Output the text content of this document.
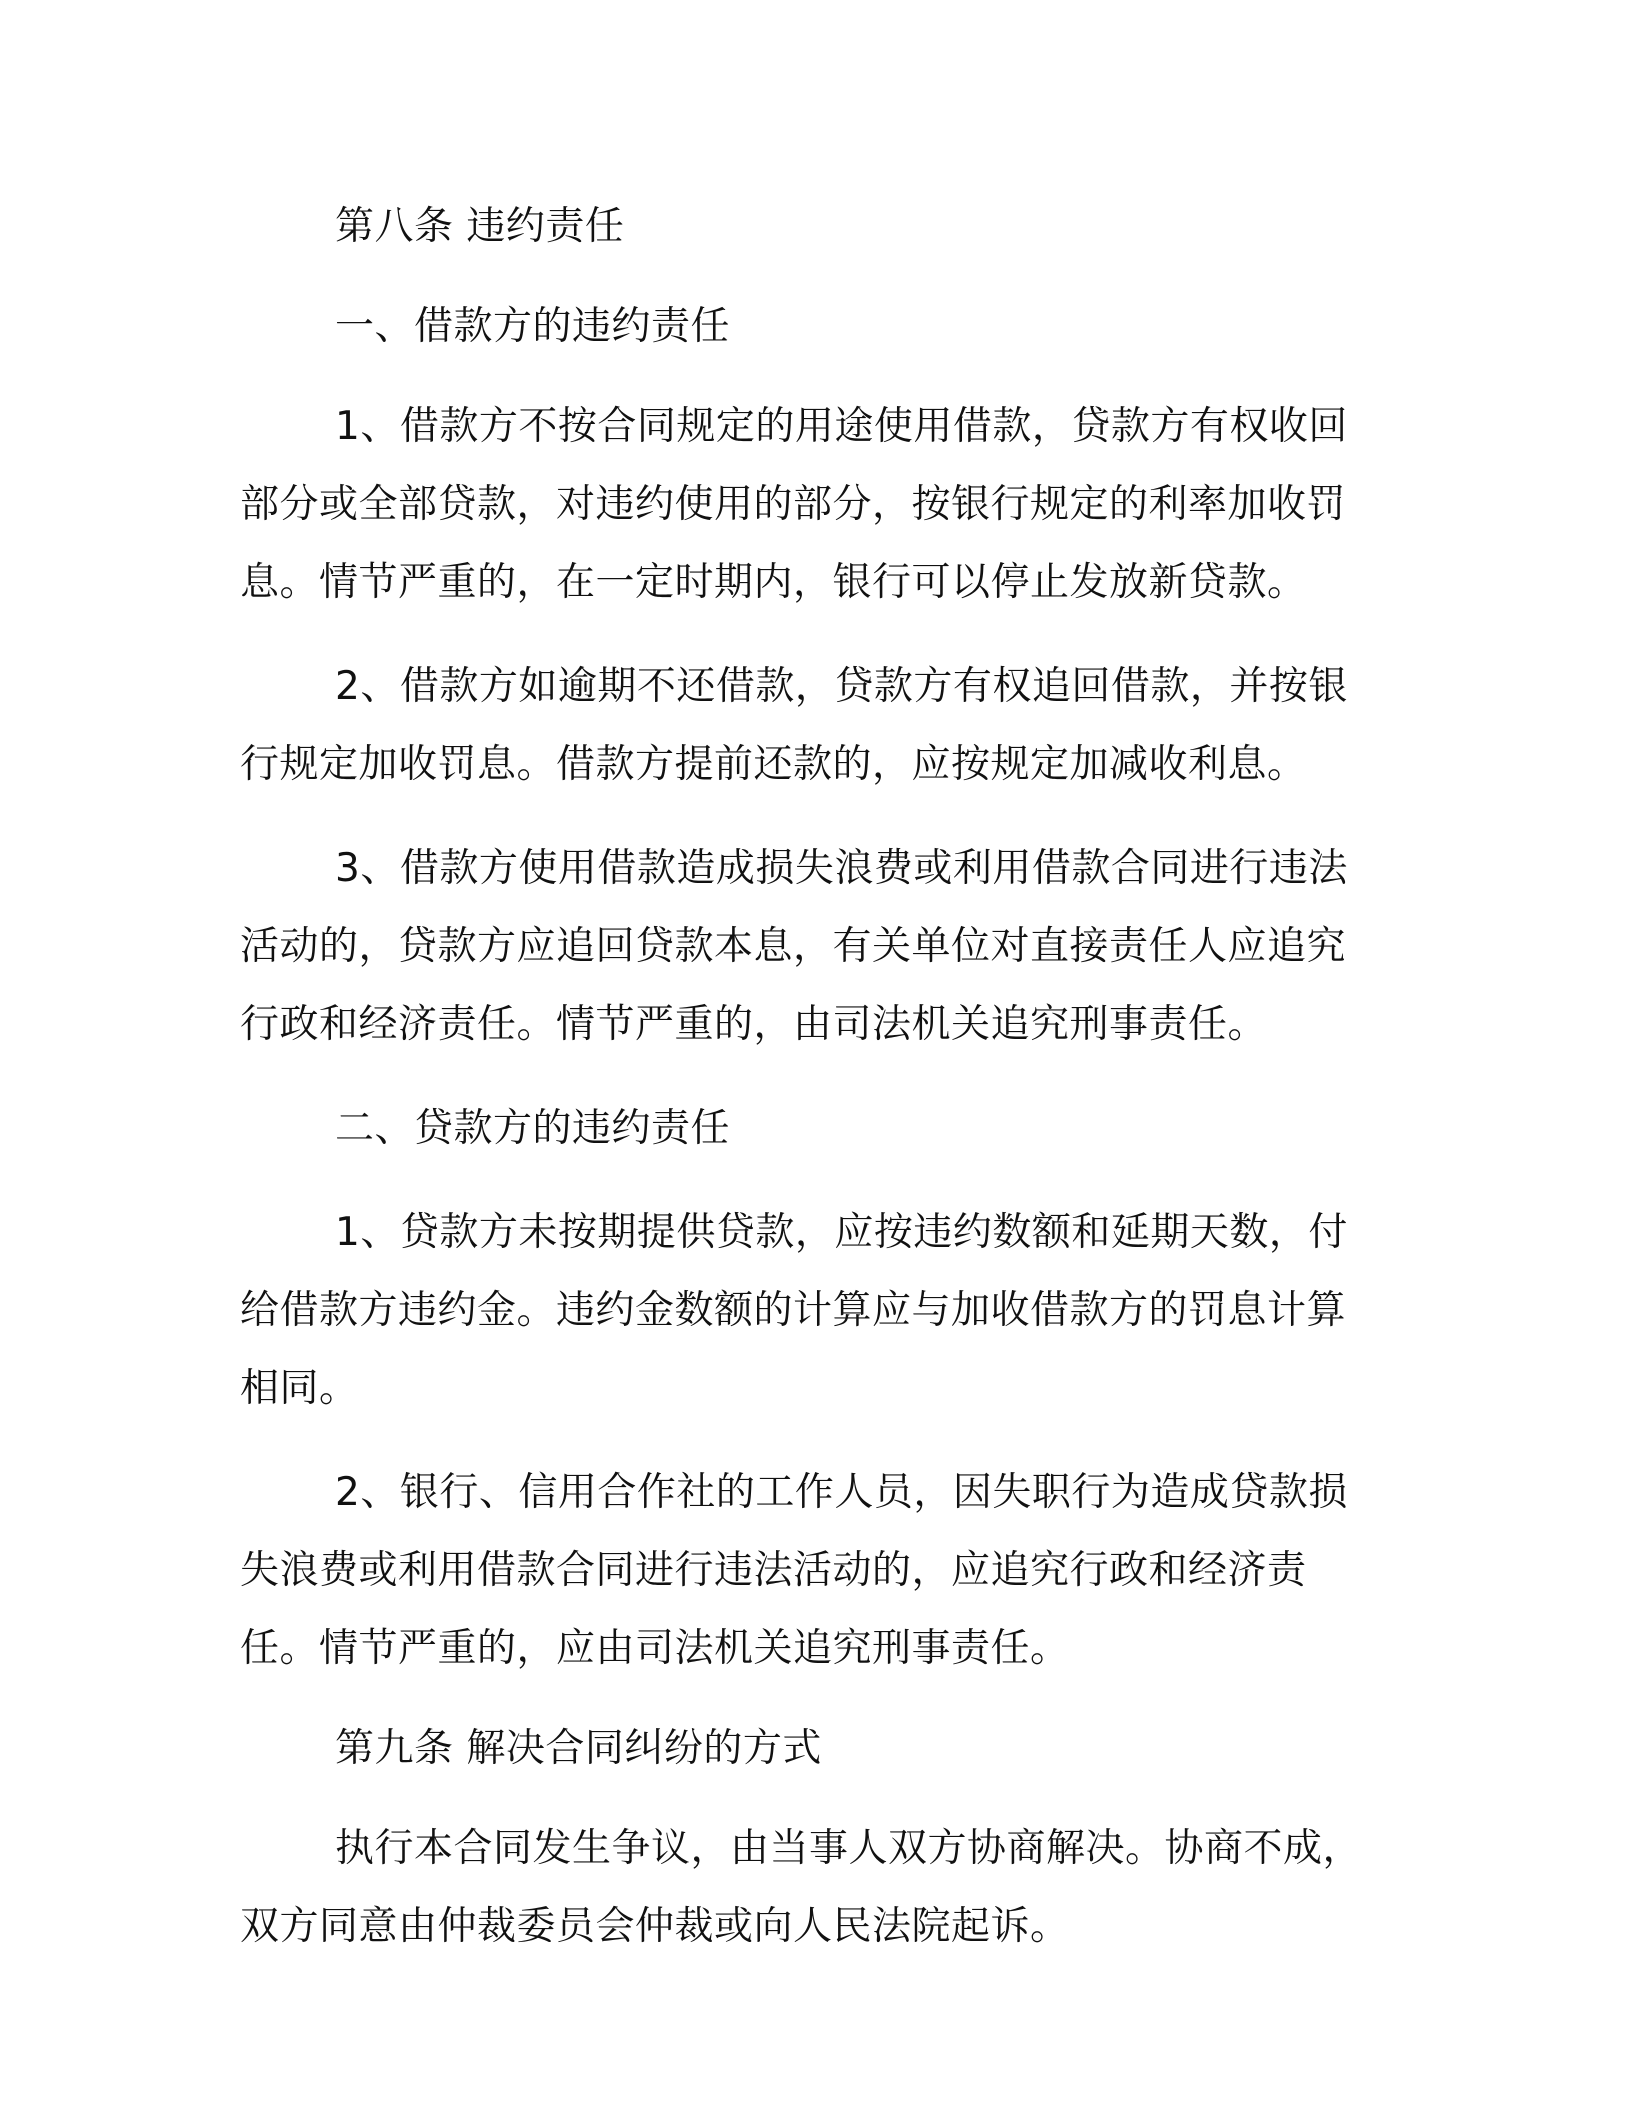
第八条 违约责任

一、借款方的违约责任

1、借款方不按合同规定的用途使用借款，贷款方有权收回部分或全部贷款，对违约使用的部分，按银行规定的利率加收罚息。情节严重的，在一定时期内，银行可以停止发放新贷款。

2、借款方如逾期不还借款，贷款方有权追回借款，并按银行规定加收罚息。借款方提前还款的，应按规定加减收利息。

3、借款方使用借款造成损失浪费或利用借款合同进行违法活动的，贷款方应追回贷款本息，有关单位对直接责任人应追究行政和经济责任。情节严重的，由司法机关追究刑事责任。

二、贷款方的违约责任

1、贷款方未按期提供贷款，应按违约数额和延期天数，付给借款方违约金。违约金数额的计算应与加收借款方的罚息计算相同。

2、银行、信用合作社的工作人员，因失职行为造成贷款损失浪费或利用借款合同进行违法活动的，应追究行政和经济责任。情节严重的，应由司法机关追究刑事责任。

第九条 解决合同纠纷的方式

执行本合同发生争议，由当事人双方协商解决。协商不成，双方同意由仲裁委员会仲裁或向人民法院起诉。
